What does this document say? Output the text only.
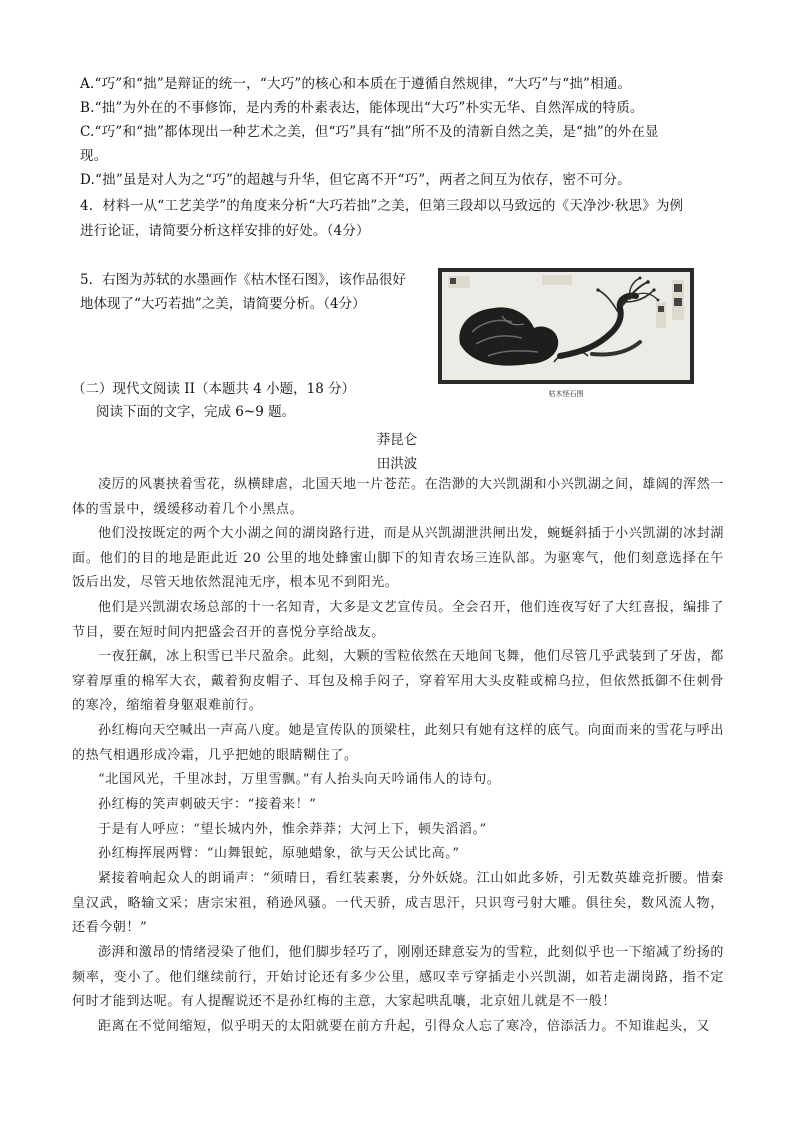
A.“巧”和“拙”是辩证的统一，“大巧”的核心和本质在于遵循自然规律，“大巧”与“拙”相通。
B.“拙”为外在的不事修饰，是内秀的朴素表达，能体现出“大巧”朴实无华、自然浑成的特质。
C.“巧”和“拙”都体现出一种艺术之美，但“巧”具有“拙”所不及的清新自然之美，是“拙”的外在显
现。
D.“拙”虽是对人为之“巧”的超越与升华，但它离不开“巧”，两者之间互为依存，密不可分。
4．材料一从“工艺美学”的角度来分析“大巧若拙”之美，但第三段却以马致远的《天净沙·秋思》为例
进行论证，请简要分析这样安排的好处。（4分）
5．右图为苏轼的水墨画作《枯木怪石图》，该作品很好
地体现了“大巧若拙”之美，请简要分析。（4分）
枯木怪石图
（二）现代文阅读 II（本题共 4 小题，18 分）
阅读下面的文字，完成 6~9 题。
莽昆仑
田洪波
凌厉的风裹挟着雪花，纵横肆虐，北国天地一片苍茫。在浩渺的大兴凯湖和小兴凯湖之间，雄阔的浑然一体的雪景中，缓缓移动着几个小黑点。
他们没按既定的两个大小湖之间的湖岗路行进，而是从兴凯湖泄洪闸出发，蜿蜒斜插于小兴凯湖的冰封湖面。他们的目的地是距此近 20 公里的地处蜂蜜山脚下的知青农场三连队部。为驱寒气，他们刻意选择在午饭后出发，尽管天地依然混沌无序，根本见不到阳光。
他们是兴凯湖农场总部的十一名知青，大多是文艺宣传员。全会召开，他们连夜写好了大红喜报，编排了节目，要在短时间内把盛会召开的喜悦分享给战友。
一夜狂飙，冰上积雪已半尺盈余。此刻，大颗的雪粒依然在天地间飞舞，他们尽管几乎武装到了牙齿，都穿着厚重的棉军大衣，戴着狗皮帽子、耳包及棉手闷子，穿着军用大头皮鞋或棉乌拉，但依然抵御不住刺骨的寒冷，缩缩着身躯艰难前行。
孙红梅向天空喊出一声高八度。她是宣传队的顶梁柱，此刻只有她有这样的底气。向面而来的雪花与呼出的热气相遇形成冷霜，几乎把她的眼睛糊住了。
“北国风光，千里冰封，万里雪飘。”有人抬头向天吟诵伟人的诗句。
孙红梅的笑声刺破天宇：“接着来！”
于是有人呼应：“望长城内外，惟余莽莽；大河上下，顿失滔滔。”
孙红梅挥展两臂：“山舞银蛇，原驰蜡象，欲与天公试比高。”
紧接着响起众人的朗诵声：“须晴日，看红装素裹，分外妖娆。江山如此多娇，引无数英雄竞折腰。惜秦皇汉武，略输文采；唐宗宋祖，稍逊风骚。一代天骄，成吉思汗，只识弯弓射大雕。俱往矣，数风流人物，还看今朝！”
澎湃和激昂的情绪浸染了他们，他们脚步轻巧了，刚刚还肆意妄为的雪粒，此刻似乎也一下缩减了纷扬的频率，变小了。他们继续前行，开始讨论还有多少公里，感叹幸亏穿插走小兴凯湖，如若走湖岗路，指不定何时才能到达呢。有人提醒说还不是孙红梅的主意，大家起哄乱嚷，北京妞儿就是不一般！
距离在不觉间缩短，似乎明天的太阳就要在前方升起，引得众人忘了寒冷，倍添活力。不知谁起头，又
